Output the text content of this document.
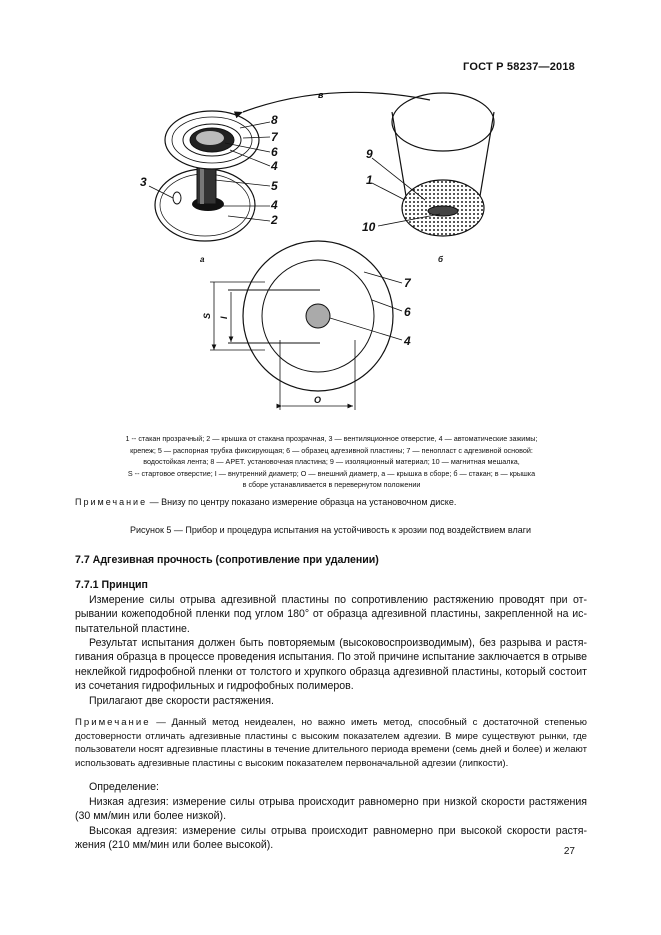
ГОСТ Р 58237—2018
в
8
7
6
4
5
4
2
3
9
1
10
а	б
7
6
4
S I
O
1 -- стакан прозрачный; 2 — крышка от стакана прозрачная, 3 — вентиляционное отверстие, 4 — автоматические зажимы;
крепеж; 5 — распорная трубка фиксирующая; 6 — образец адгезивной пластины; 7 — пенопласт с адгезивной основой:
водостойкая лента; 8 — АРЕТ. установочная пластина; 9 — изоляционный материал; 10 — магнитная мешалка,
S -- стартовое отверстие; I — внутренний диаметр; О — внешний диаметр, а — крышка в сборе; б — стакан; в — крышка
в сборе устанавливается в перевернутом положении
Примечание — Внизу по центру показано измерение образца на установочном диске.
Рисунок 5 — Прибор и процедура испытания на устойчивость к эрозии под воздействием влаги
7.7 Адгезивная прочность (сопротивление при удалении)
7.7.1 Принцип

Измерение силы отрыва адгезивной пластины по сопротивлению растяжению проводят при от-рывании кожеподобной пленки под углом 180° от образца адгезивной пластины, закрепленной на ис-пытательной пластине.

Результат испытания должен быть повторяемым (высоковоспроизводимым), без разрыва и растя-гивания образца в процессе проведения испытания. По этой причине испытание заключается в отрыве неклейкой гидрофобной пленки от толстого и хрупкого образца адгезивной пластины, который состоит из сочетания гидрофильных и гидрофобных полимеров.

Прилагают две скорости растяжения.

Примечание — Данный метод неидеален, но важно иметь метод, способный с достаточной степенью достоверности отличать адгезивные пластины с высоким показателем адгезии. В мире существуют рынки, где пользователи носят адгезивные пластины в течение длительного периода времени (семь дней и более) и желают использовать адгезивные пластины с высоким показателем первоначальной адгезии (липкости).

Определение:

Низкая адгезия: измерение силы отрыва происходит равномерно при низкой скорости растяжения (30 мм/мин или более низкой).

Высокая адгезия: измерение силы отрыва происходит равномерно при высокой скорости растя-жения (210 мм/мин или более высокой).

27
